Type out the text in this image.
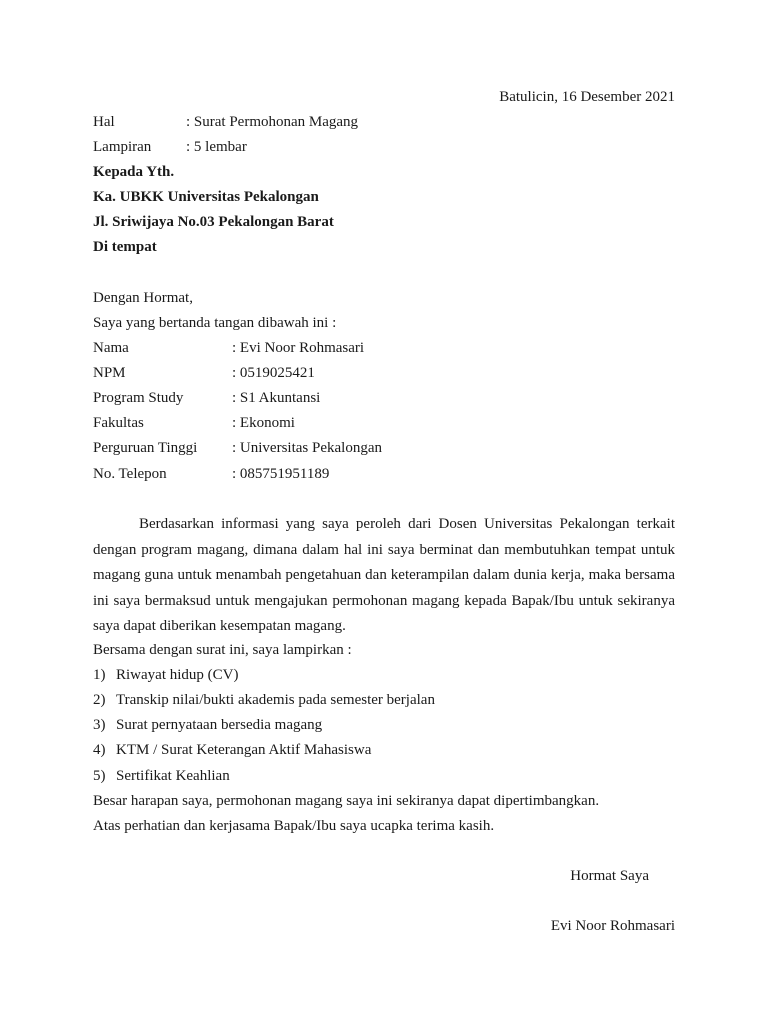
Batulicin, 16 Desember 2021
Hal	: Surat Permohonan Magang
Lampiran : 5 lembar
Kepada Yth.
Ka. UBKK Universitas Pekalongan
Jl. Sriwijaya No.03 Pekalongan Barat
Di tempat
Dengan Hormat,
Saya yang bertanda tangan dibawah ini :
Nama	: Evi Noor Rohmasari
NPM	: 0519025421
Program Study	: S1 Akuntansi
Fakultas	: Ekonomi
Perguruan Tinggi : Universitas Pekalongan
No. Telepon	: 085751951189
Berdasarkan informasi yang saya peroleh dari Dosen Universitas Pekalongan terkait dengan program magang, dimana dalam hal ini saya berminat dan membutuhkan tempat untuk magang guna untuk menambah pengetahuan dan keterampilan dalam dunia kerja, maka bersama ini saya bermaksud untuk mengajukan permohonan magang kepada Bapak/Ibu untuk sekiranya saya dapat diberikan kesempatan magang.
Bersama dengan surat ini, saya lampirkan :
1) Riwayat hidup (CV)
2) Transkip nilai/bukti akademis pada semester berjalan
3) Surat pernyataan bersedia magang
4) KTM / Surat Keterangan Aktif Mahasiswa
5) Sertifikat Keahlian
Besar harapan saya, permohonan magang saya ini sekiranya dapat dipertimbangkan.
Atas perhatian dan kerjasama Bapak/Ibu saya ucapka terima kasih.
Hormat Saya
Evi Noor Rohmasari
